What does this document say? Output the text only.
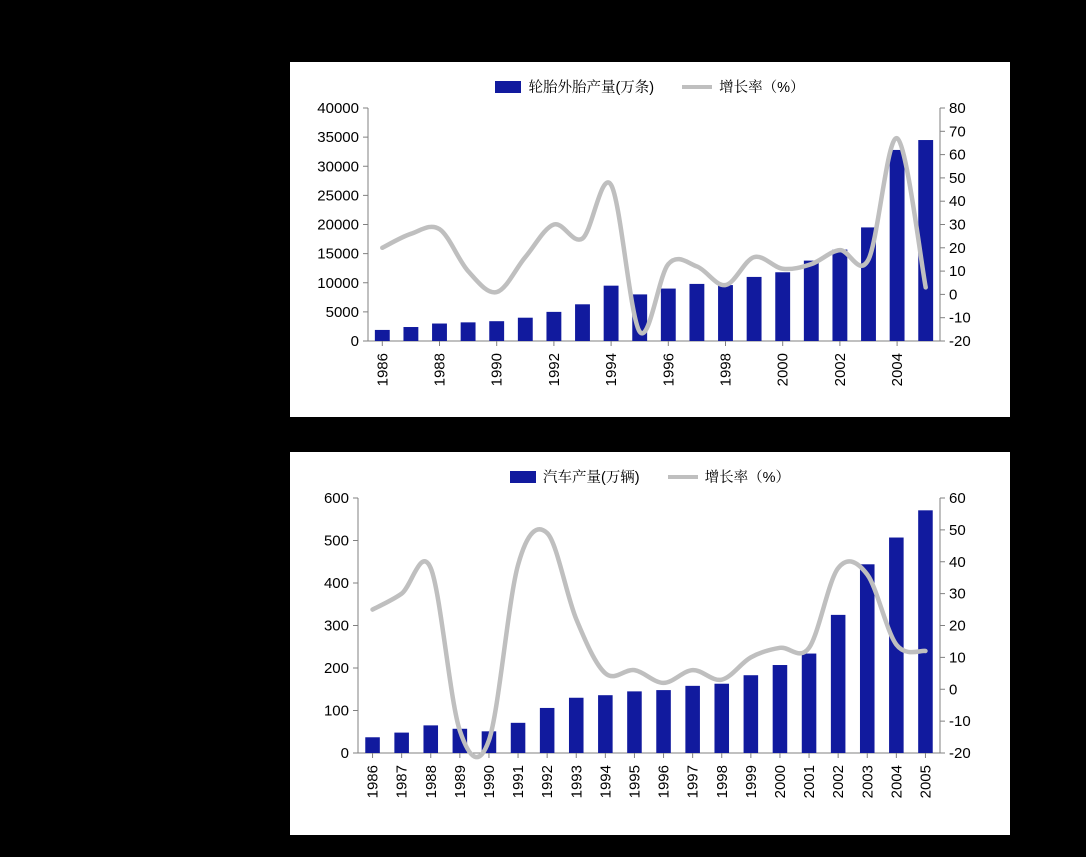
轮胎外胎产量(万条)	增长率（%）
0
5000
10000
15000
20000
25000
30000
35000
40000
-20
-10
0
10
20
30
40
50
60
70
80
1986	1988	1990	1992	1994	1996	1998	2000	2002	2004
汽车产量(万辆)	增长率（%）
0
100
200
300
400
500
600
-20
-10
0
10
20
30
40
50
60
1986 1987 1988 1989 1990 1991 1992 1993 1994 1995 1996 1997 1998 1999 2000 2001 2002 2003 2004 2005
